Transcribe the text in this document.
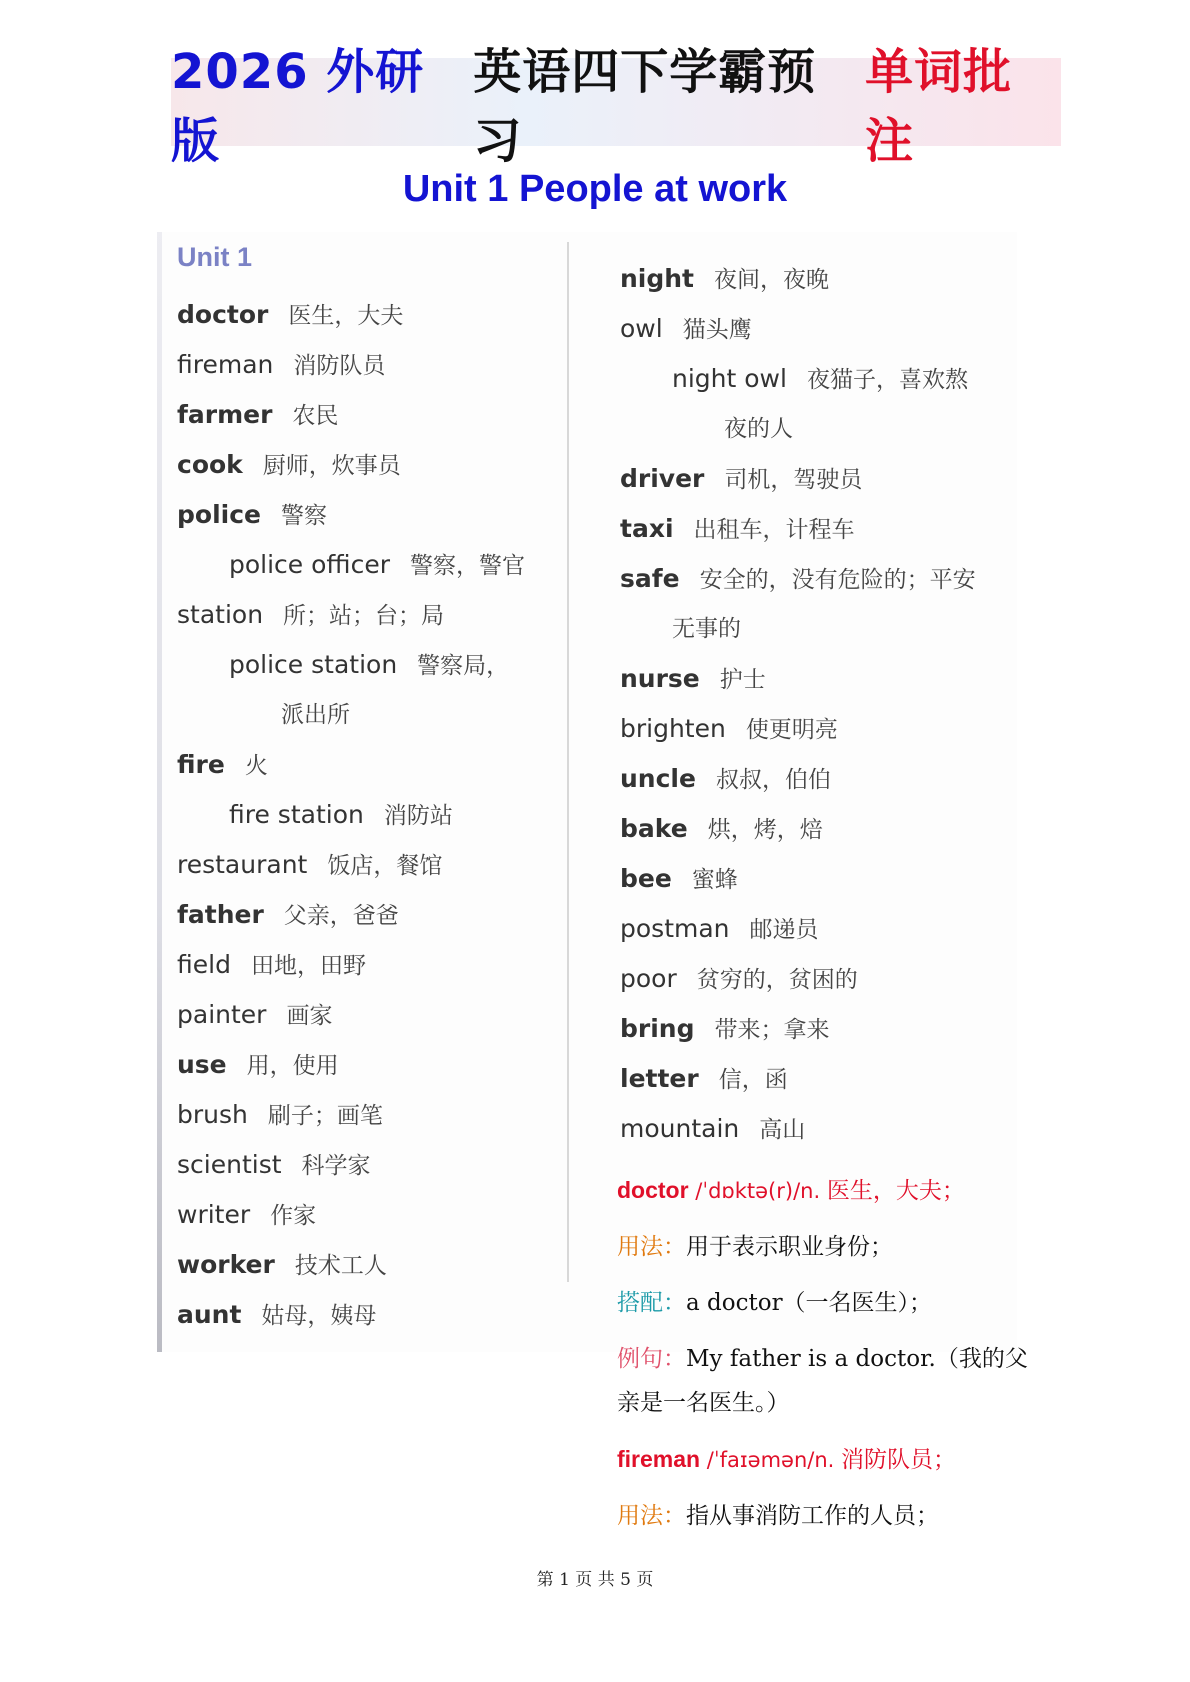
2026 外研版
英语四下学霸预习
单词批注
Unit 1 People at work
Unit 1
doctor 医生，大夫
fireman 消防队员
farmer 农民
cook 厨师，炊事员
police 警察
police officer 警察，警官
station 所；站；台；局
police station 警察局，
派出所
fire 火
fire station 消防站
restaurant 饭店，餐馆
father 父亲，爸爸
field 田地，田野
painter 画家
use 用，使用
brush 刷子；画笔
scientist 科学家
writer 作家
worker 技术工人
aunt 姑母，姨母
night 夜间，夜晚
owl 猫头鹰
night owl 夜猫子，喜欢熬
夜的人
driver 司机，驾驶员
taxi 出租车，计程车
safe 安全的，没有危险的；平安
无事的
nurse 护士
brighten 使更明亮
uncle 叔叔，伯伯
bake 烘，烤，焙
bee 蜜蜂
postman 邮递员
poor 贫穷的，贫困的
bring 带来；拿来
letter 信，函
mountain 高山
doctor /ˈdɒktə(r)/n. 医生，大夫；
用法：用于表示职业身份；
搭配：a doctor（一名医生）；
例句：My father is a doctor.（我的父亲是一名医生。）
fireman /ˈfaɪəmən/n. 消防队员；
用法：指从事消防工作的人员；
第 1 页 共 5 页
